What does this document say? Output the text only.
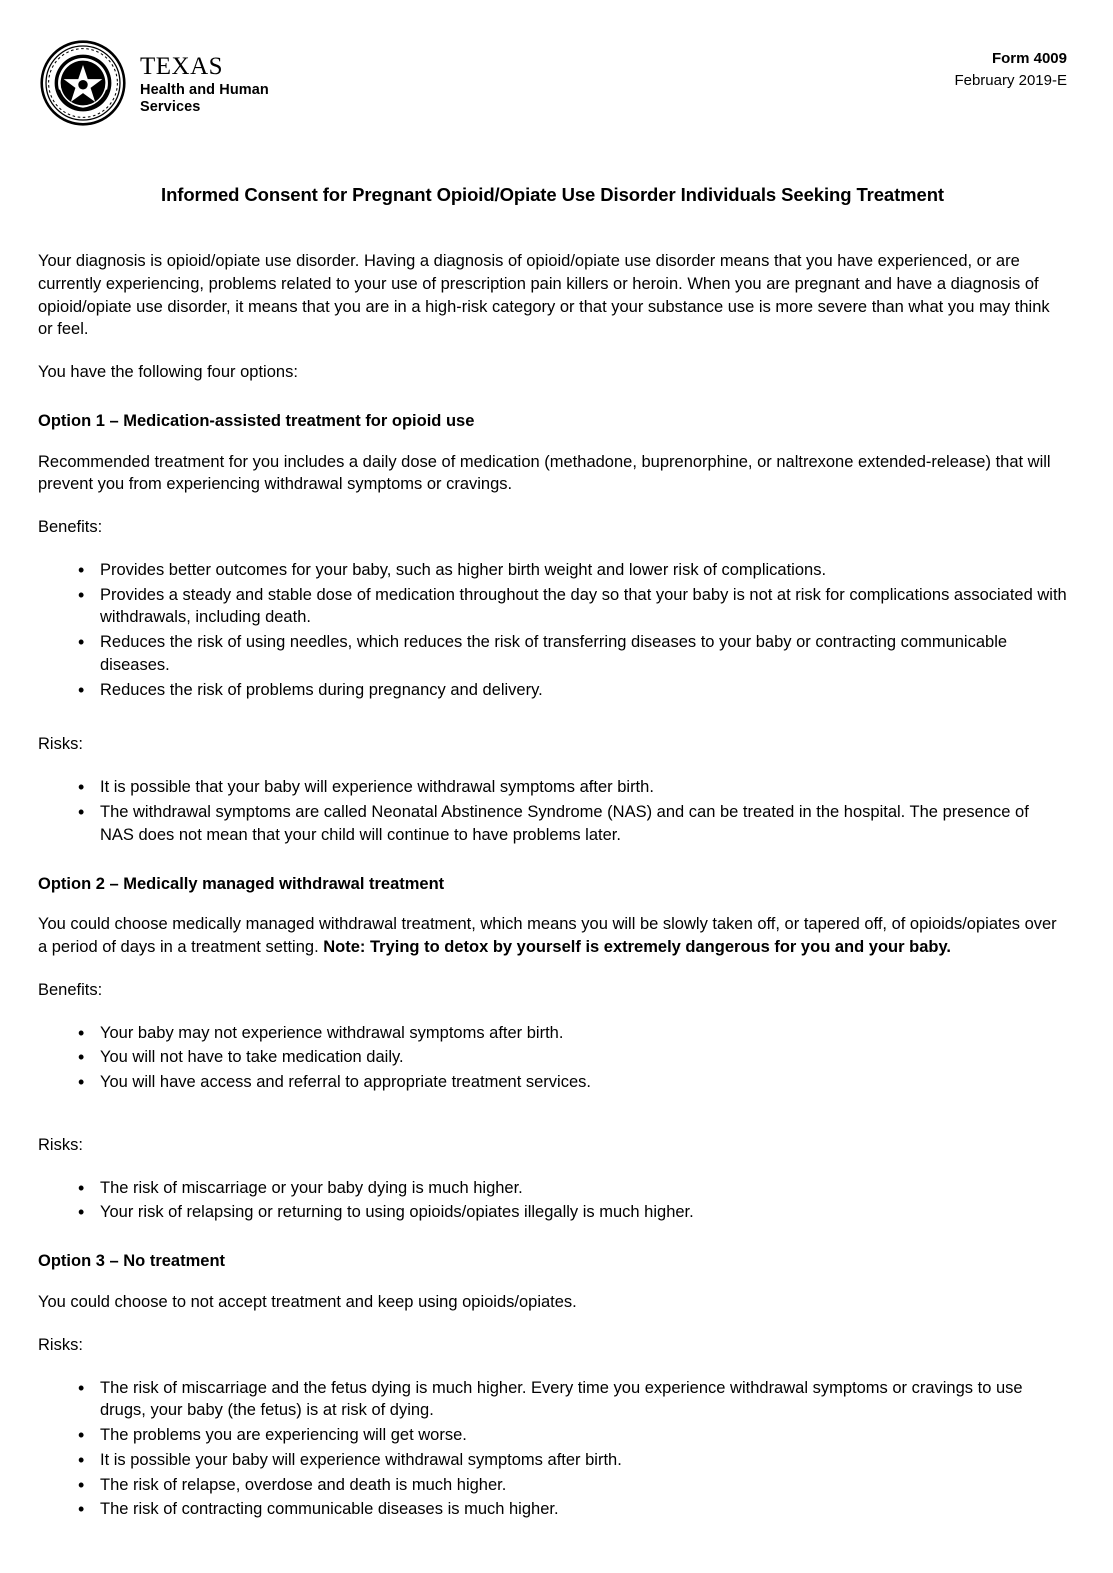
TEXAS
Health and Human
Services
Form 4009
February 2019-E
Informed Consent for Pregnant Opioid/Opiate Use Disorder Individuals Seeking Treatment

Your diagnosis is opioid/opiate use disorder. Having a diagnosis of opioid/opiate use disorder means that you have experienced, or are currently experiencing, problems related to your use of prescription pain killers or heroin. When you are pregnant and have a diagnosis of opioid/opiate use disorder, it means that you are in a high-risk category or that your substance use is more severe than what you may think or feel.

You have the following four options:

Option 1 – Medication-assisted treatment for opioid use

Recommended treatment for you includes a daily dose of medication (methadone, buprenorphine, or naltrexone extended-release) that will prevent you from experiencing withdrawal symptoms or cravings.

Benefits:

• Provides better outcomes for your baby, such as higher birth weight and lower risk of complications.
• Provides a steady and stable dose of medication throughout the day so that your baby is not at risk for complications associated with withdrawals, including death.
• Reduces the risk of using needles, which reduces the risk of transferring diseases to your baby or contracting communicable diseases.
• Reduces the risk of problems during pregnancy and delivery.

Risks:

• It is possible that your baby will experience withdrawal symptoms after birth.
• The withdrawal symptoms are called Neonatal Abstinence Syndrome (NAS) and can be treated in the hospital. The presence of NAS does not mean that your child will continue to have problems later.
Option 2 – Medically managed withdrawal treatment

You could choose medically managed withdrawal treatment, which means you will be slowly taken off, or tapered off, of opioids/opiates over a period of days in a treatment setting. Note: Trying to detox by yourself is extremely dangerous for you and your baby.

Benefits:

• Your baby may not experience withdrawal symptoms after birth.
• You will not have to take medication daily.
• You will have access and referral to appropriate treatment services.

Risks:

• The risk of miscarriage or your baby dying is much higher.
• Your risk of relapsing or returning to using opioids/opiates illegally is much higher.
Option 3 – No treatment

You could choose to not accept treatment and keep using opioids/opiates.

Risks:

• The risk of miscarriage and the fetus dying is much higher. Every time you experience withdrawal symptoms or cravings to use drugs, your baby (the fetus) is at risk of dying.
• The problems you are experiencing will get worse.
• It is possible your baby will experience withdrawal symptoms after birth.
• The risk of relapse, overdose and death is much higher.
• The risk of contracting communicable diseases is much higher.
